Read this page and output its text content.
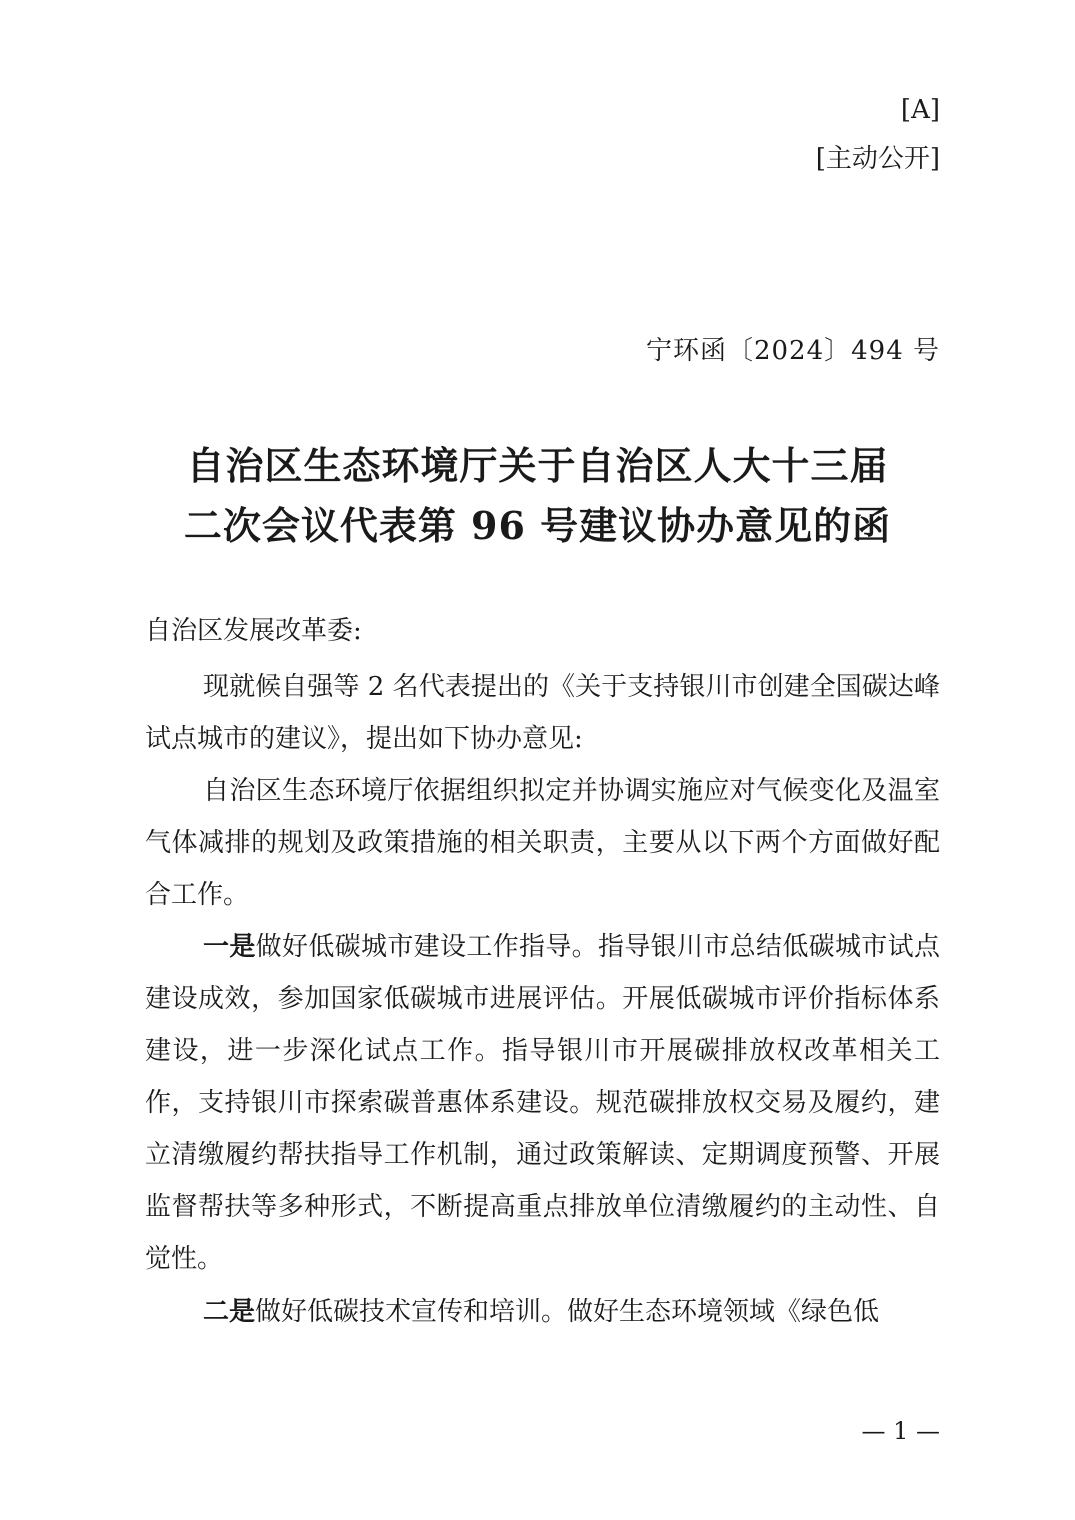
[A]
[主动公开]
宁环函〔2024〕494 号
自治区生态环境厅关于自治区人大十三届
二次会议代表第 96 号建议协办意见的函

自治区发展改革委:

现就候自强等 2 名代表提出的《关于支持银川市创建全国碳达峰试点城市的建议》，提出如下协办意见:

自治区生态环境厅依据组织拟定并协调实施应对气候变化及温室气体减排的规划及政策措施的相关职责，主要从以下两个方面做好配合工作。

一是做好低碳城市建设工作指导。指导银川市总结低碳城市试点建设成效，参加国家低碳城市进展评估。开展低碳城市评价指标体系建设，进一步深化试点工作。指导银川市开展碳排放权改革相关工作，支持银川市探索碳普惠体系建设。规范碳排放权交易及履约，建立清缴履约帮扶指导工作机制，通过政策解读、定期调度预警、开展监督帮扶等多种形式，不断提高重点排放单位清缴履约的主动性、自觉性。

二是做好低碳技术宣传和培训。做好生态环境领域《绿色低

— 1 —
